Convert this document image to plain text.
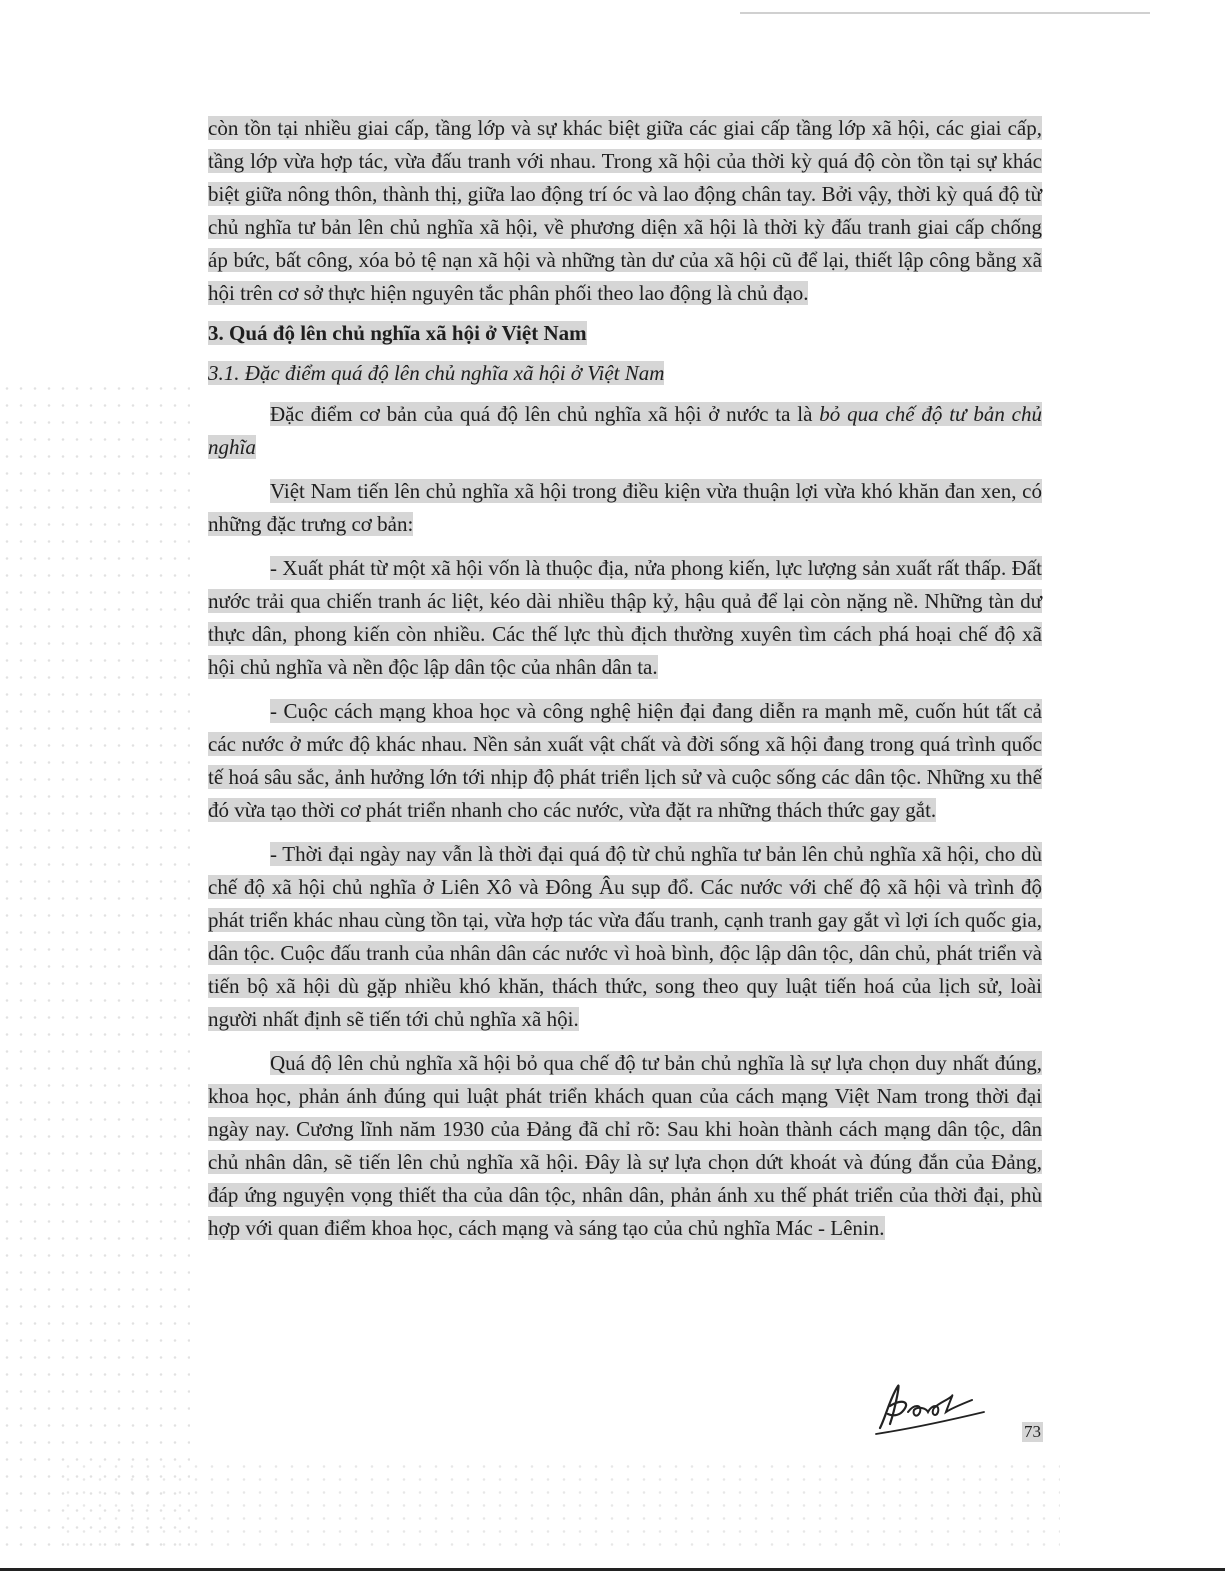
còn tồn tại nhiều giai cấp, tầng lớp và sự khác biệt giữa các giai cấp tầng lớp xã hội, các giai cấp, tầng lớp vừa hợp tác, vừa đấu tranh với nhau. Trong xã hội của thời kỳ quá độ còn tồn tại sự khác biệt giữa nông thôn, thành thị, giữa lao động trí óc và lao động chân tay. Bởi vậy, thời kỳ quá độ từ chủ nghĩa tư bản lên chủ nghĩa xã hội, về phương diện xã hội là thời kỳ đấu tranh giai cấp chống áp bức, bất công, xóa bỏ tệ nạn xã hội và những tàn dư của xã hội cũ để lại, thiết lập công bằng xã hội trên cơ sở thực hiện nguyên tắc phân phối theo lao động là chủ đạo.

3. Quá độ lên chủ nghĩa xã hội ở Việt Nam

3.1. Đặc điểm quá độ lên chủ nghĩa xã hội ở Việt Nam

Đặc điểm cơ bản của quá độ lên chủ nghĩa xã hội ở nước ta là bỏ qua chế độ tư bản chủ nghĩa

Việt Nam tiến lên chủ nghĩa xã hội trong điều kiện vừa thuận lợi vừa khó khăn đan xen, có những đặc trưng cơ bản:

- Xuất phát từ một xã hội vốn là thuộc địa, nửa phong kiến, lực lượng sản xuất rất thấp. Đất nước trải qua chiến tranh ác liệt, kéo dài nhiều thập kỷ, hậu quả để lại còn nặng nề. Những tàn dư thực dân, phong kiến còn nhiều. Các thế lực thù địch thường xuyên tìm cách phá hoại chế độ xã hội chủ nghĩa và nền độc lập dân tộc của nhân dân ta.

- Cuộc cách mạng khoa học và công nghệ hiện đại đang diễn ra mạnh mẽ, cuốn hút tất cả các nước ở mức độ khác nhau. Nền sản xuất vật chất và đời sống xã hội đang trong quá trình quốc tế hoá sâu sắc, ảnh hưởng lớn tới nhịp độ phát triển lịch sử và cuộc sống các dân tộc. Những xu thế đó vừa tạo thời cơ phát triển nhanh cho các nước, vừa đặt ra những thách thức gay gắt.

- Thời đại ngày nay vẫn là thời đại quá độ từ chủ nghĩa tư bản lên chủ nghĩa xã hội, cho dù chế độ xã hội chủ nghĩa ở Liên Xô và Đông Âu sụp đổ. Các nước với chế độ xã hội và trình độ phát triển khác nhau cùng tồn tại, vừa hợp tác vừa đấu tranh, cạnh tranh gay gắt vì lợi ích quốc gia, dân tộc. Cuộc đấu tranh của nhân dân các nước vì hoà bình, độc lập dân tộc, dân chủ, phát triển và tiến bộ xã hội dù gặp nhiều khó khăn, thách thức, song theo quy luật tiến hoá của lịch sử, loài người nhất định sẽ tiến tới chủ nghĩa xã hội.

Quá độ lên chủ nghĩa xã hội bỏ qua chế độ tư bản chủ nghĩa là sự lựa chọn duy nhất đúng, khoa học, phản ánh đúng qui luật phát triển khách quan của cách mạng Việt Nam trong thời đại ngày nay. Cương lĩnh năm 1930 của Đảng đã chỉ rõ: Sau khi hoàn thành cách mạng dân tộc, dân chủ nhân dân, sẽ tiến lên chủ nghĩa xã hội. Đây là sự lựa chọn dứt khoát và đúng đắn của Đảng, đáp ứng nguyện vọng thiết tha của dân tộc, nhân dân, phản ánh xu thế phát triển của thời đại, phù hợp với quan điểm khoa học, cách mạng và sáng tạo của chủ nghĩa Mác - Lênin.

73
